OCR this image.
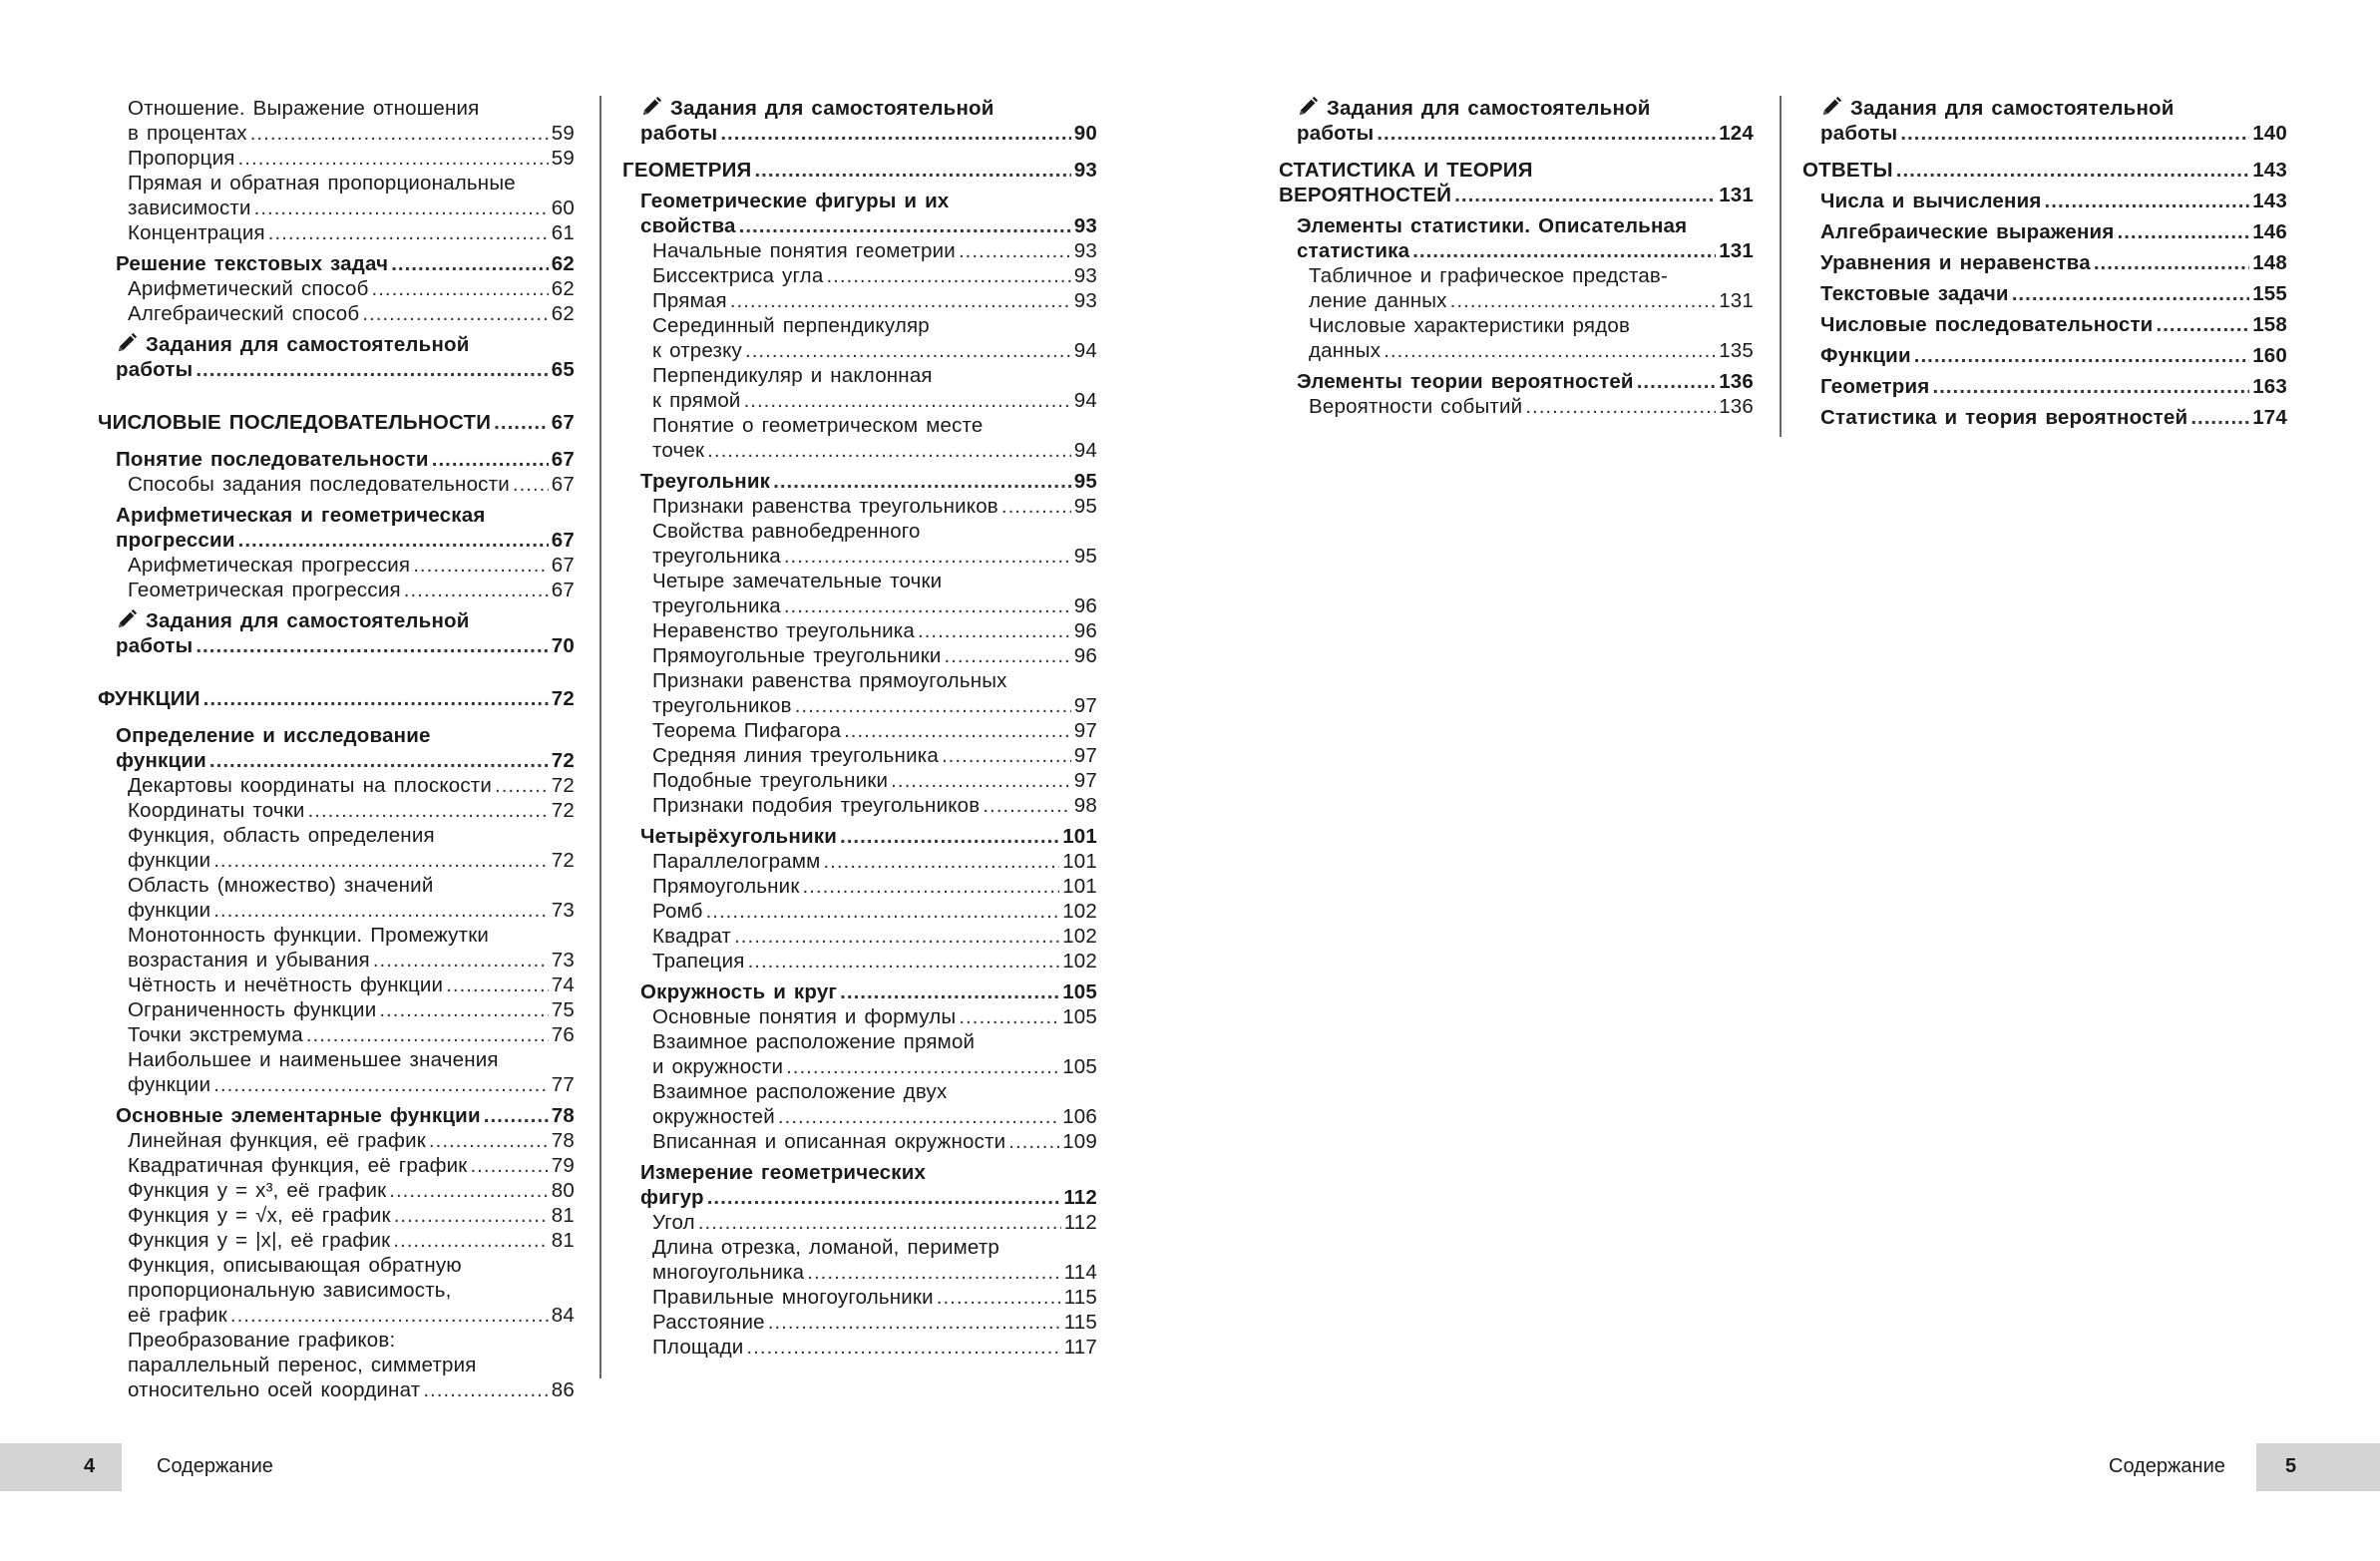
Отношение. Выражение отношения
в процентах .....	59
Пропорция .....	59
Прямая и обратная пропорциональные
зависимости .....	60
Концентрация .....	61
Решение текстовых задач .....	62
Арифметический способ .....	62
Алгебраический способ .....	62
Задания для самостоятельной
работы .....	65
ЧИСЛОВЫЕ ПОСЛЕДОВАТЕЛЬНОСТИ .....	67
Понятие последовательности .....	67
Способы задания последовательности ..... 67
Арифметическая и геометрическая
прогрессии .....	67
Арифметическая прогрессия .....	67
Геометрическая прогрессия .....	67
Задания для самостоятельной
работы .....	70
ФУНКЦИИ .....	72
Определение и исследование
функции .....	72
Декартовы координаты на плоскости .....	72
Координаты точки .....	72
Функция, область определения
функции .....	72
Область (множество) значений
функции .....	73
Монотонность функции. Промежутки
возрастания и убывания .....	73
Чётность и нечётность функции .....	74
Ограниченность функции .....	75
Точки экстремума .....	76
Наибольшее и наименьшее значения
функции .....	77
Основные элементарные функции .....	78
Линейная функция, её график .....	78
Квадратичная функция, её график .....	79
Функция y = x³, её график .....	80
Функция y = √x, её график .....	81
Функция y = |x|, её график .....	81
Функция, описывающая обратную
пропорциональную зависимость,
её график .....	84
Преобразование графиков:
параллельный перенос, симметрия
относительно осей координат .....	86
Задания для самостоятельной
работы .....	90
ГЕОМЕТРИЯ .....	93
Геометрические фигуры и их
свойства .....	93
Начальные понятия геометрии .....	93
Биссектриса угла .....	93
Прямая .....	93
Серединный перпендикуляр
к отрезку .....	94
Перпендикуляр и наклонная
к прямой .....	94
Понятие о геометрическом месте
точек .....	94
Треугольник .....	95
Признаки равенства треугольников .....	95
Свойства равнобедренного
треугольника .....	95
Четыре замечательные точки
треугольника .....	96
Неравенство треугольника .....	96
Прямоугольные треугольники .....	96
Признаки равенства прямоугольных
треугольников .....	97
Теорема Пифагора .....	97
Средняя линия треугольника .....	97
Подобные треугольники .....	97
Признаки подобия треугольников .....	98
Четырёхугольники .....	101
Параллелограмм .....	101
Прямоугольник .....	101
Ромб .....	102
Квадрат .....	102
Трапеция .....	102
Окружность и круг .....	105
Основные понятия и формулы .....	105
Взаимное расположение прямой
и окружности .....	105
Взаимное расположение двух
окружностей .....	106
Вписанная и описанная окружности .....	109
Измерение геометрических
фигур .....	112
Угол .....	112
Длина отрезка, ломаной, периметр
многоугольника .....	114
Правильные многоугольники .....	115
Расстояние .....	115
Площади .....	117
Задания для самостоятельной
работы .....	124
СТАТИСТИКА И ТЕОРИЯ
ВЕРОЯТНОСТЕЙ .....	131
Элементы статистики. Описательная
статистика .....	131
Табличное и графическое представ-
ление данных .....	131
Числовые характеристики рядов
данных .....	135
Элементы теории вероятностей .....	136
Вероятности событий .....	136
Задания для самостоятельной
работы .....	140
ОТВЕТЫ .....	143
Числа и вычисления .....	143
Алгебраические выражения .....	146
Уравнения и неравенства .....	148
Текстовые задачи .....	155
Числовые последовательности .....	158
Функции .....	160
Геометрия .....	163
Статистика и теория вероятностей .....	174
4	Содержание	Содержание	5
